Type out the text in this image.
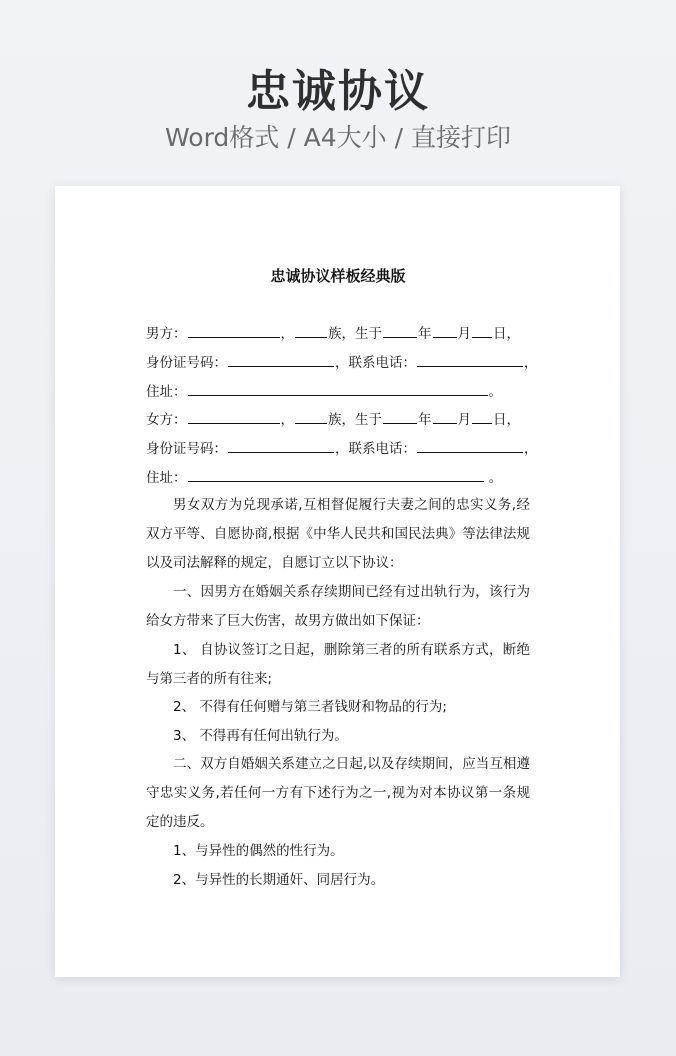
忠诚协议
Word格式 / A4大小 / 直接打印
忠诚协议样板经典版
男方：	，	族，生于	年 月 日，
身份证号码：	，联系电话：	，
住址：	。
女方：	，	族，生于	年 月 日，
身份证号码：	，联系电话：	，
住址：	。
男女双方为兑现承诺,互相督促履行夫妻之间的忠实义务,经双方平等、自愿协商,根据《中华人民共和国民法典》等法律法规以及司法解释的规定，自愿订立以下协议：
一、因男方在婚姻关系存续期间已经有过出轨行为，该行为给女方带来了巨大伤害，故男方做出如下保证：
1、 自协议签订之日起，删除第三者的所有联系方式，断绝与第三者的所有往来;
2、 不得有任何赠与第三者钱财和物品的行为;
3、 不得再有任何出轨行为。
二、双方自婚姻关系建立之日起,以及存续期间，应当互相遵守忠实义务,若任何一方有下述行为之一,视为对本协议第一条规定的违反。
1、与异性的偶然的性行为。
2、与异性的长期通奸、同居行为。
